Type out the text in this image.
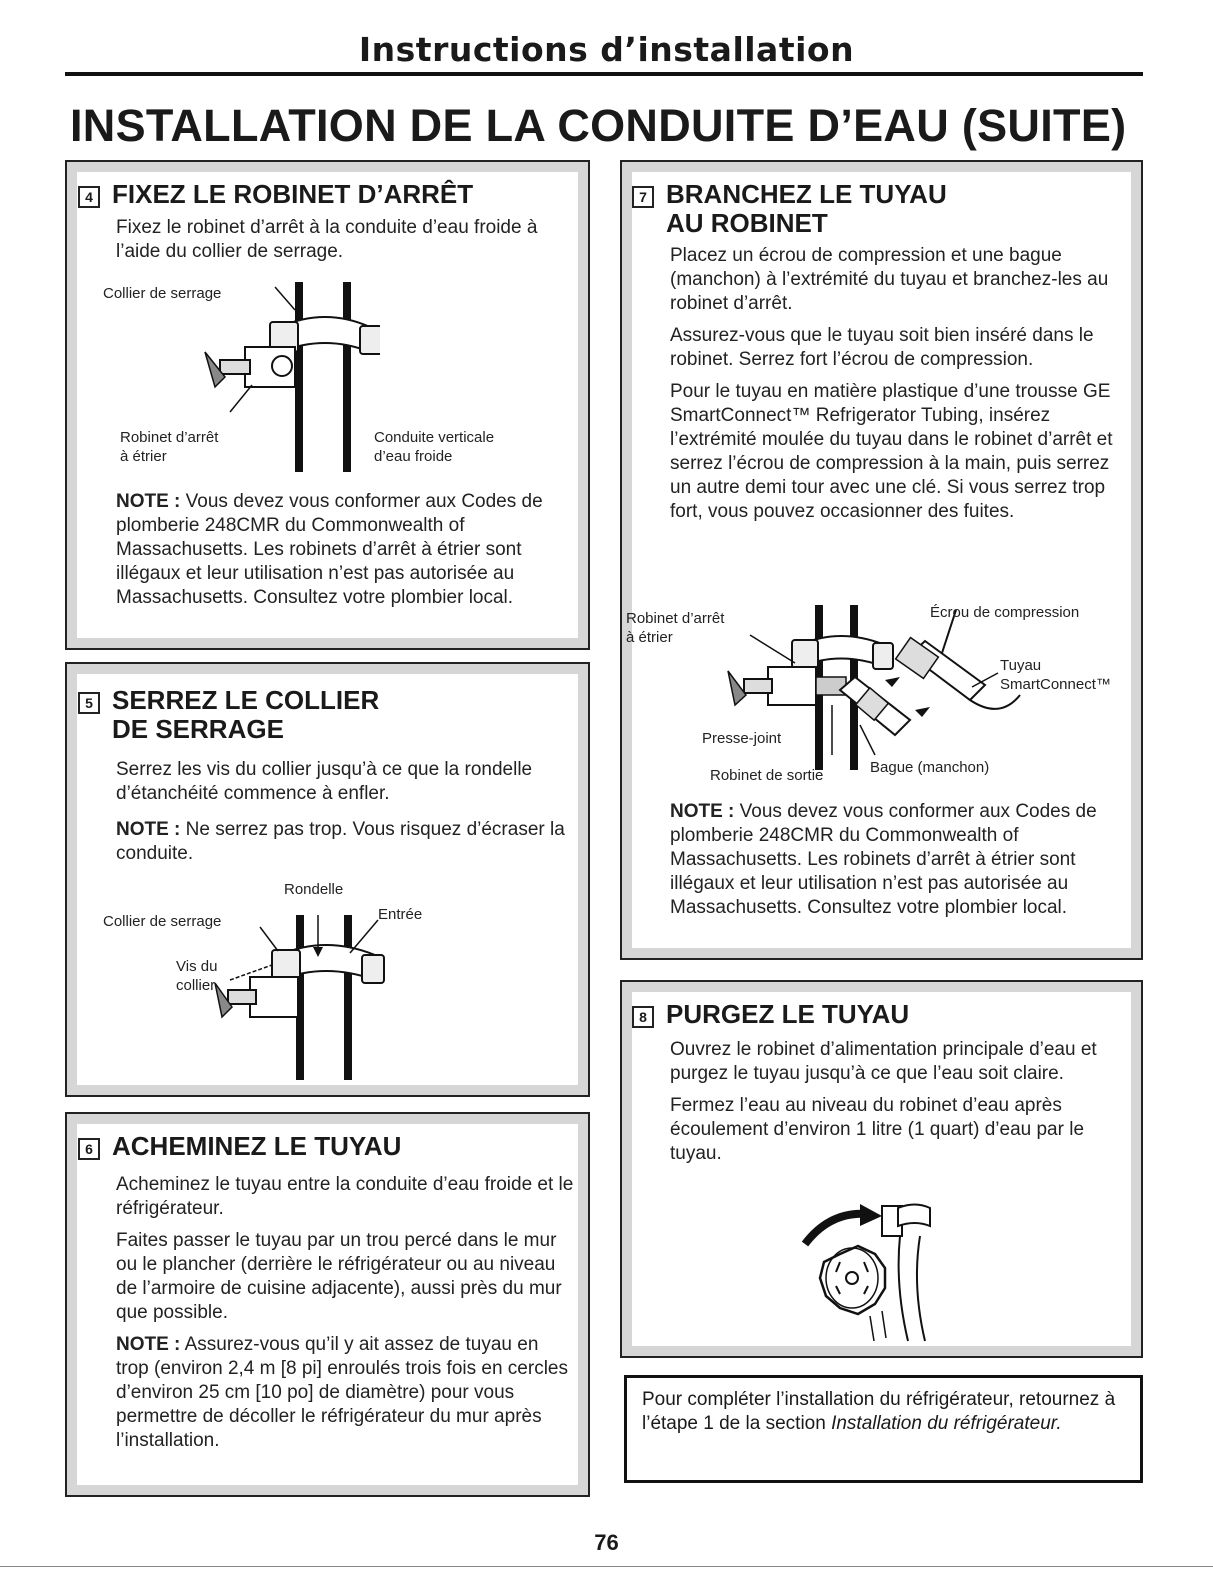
Instructions d’installation
INSTALLATION DE LA CONDUITE D’EAU (SUITE)
4 FIXEZ LE ROBINET D’ARRÊT
Fixez le robinet d’arrêt à la conduite d’eau froide à l’aide du collier de serrage.
Collier de serrage
Robinet d’arrêt
à étrier
Conduite verticale
d’eau froide
NOTE : Vous devez vous conformer aux Codes de plomberie 248CMR du Commonwealth of Massachusetts. Les robinets d’arrêt à étrier sont illégaux et leur utilisation n’est pas autorisée au Massachusetts. Consultez votre plombier local.
5 SERREZ LE COLLIER
DE SERRAGE
Serrez les vis du collier jusqu’à ce que la rondelle d’étanchéité commence à enfler.
NOTE : Ne serrez pas trop. Vous risquez d’écraser la conduite.
Rondelle
Collier de serrage	Entrée
Vis du
collier
6 ACHEMINEZ LE TUYAU

Acheminez le tuyau entre la conduite d’eau froide et le réfrigérateur.

Faites passer le tuyau par un trou percé dans le mur ou le plancher (derrière le réfrigérateur ou au niveau de l’armoire de cuisine adjacente), aussi près du mur que possible.

NOTE : Assurez-vous qu’il y ait assez de tuyau en trop (environ 2,4 m [8 pi] enroulés trois fois en cercles d’environ 25 cm [10 po] de diamètre) pour vous permettre de décoller le réfrigérateur du mur après l’installation.

7 BRANCHEZ LE TUYAU
AU ROBINET

Placez un écrou de compression et une bague (manchon) à l’extrémité du tuyau et branchez-les au robinet d’arrêt.

Assurez-vous que le tuyau soit bien inséré dans le robinet. Serrez fort l’écrou de compression.

Pour le tuyau en matière plastique d’une trousse GE SmartConnect™ Refrigerator Tubing, insérez l’extrémité moulée du tuyau dans le robinet d’arrêt et serrez l’écrou de compression à la main, puis serrez un autre demi tour avec une clé. Si vous serrez trop fort, vous pouvez occasionner des fuites.

Robinet d’arrêt
à étrier
Écrou de compression
Tuyau
SmartConnect™
Presse-joint
Robinet de sortie	Bague (manchon)
NOTE : Vous devez vous conformer aux Codes de plomberie 248CMR du Commonwealth of Massachusetts. Les robinets d’arrêt à étrier sont illégaux et leur utilisation n’est pas autorisée au Massachusetts. Consultez votre plombier local.
8 PURGEZ LE TUYAU

Ouvrez le robinet d’alimentation principale d’eau et purgez le tuyau jusqu’à ce que l’eau soit claire.

Fermez l’eau au niveau du robinet d’eau après écoulement d’environ 1 litre (1 quart) d’eau par le tuyau.

Pour compléter l’installation du réfrigérateur, retournez à l’étape 1 de la section Installation du réfrigérateur.
76
